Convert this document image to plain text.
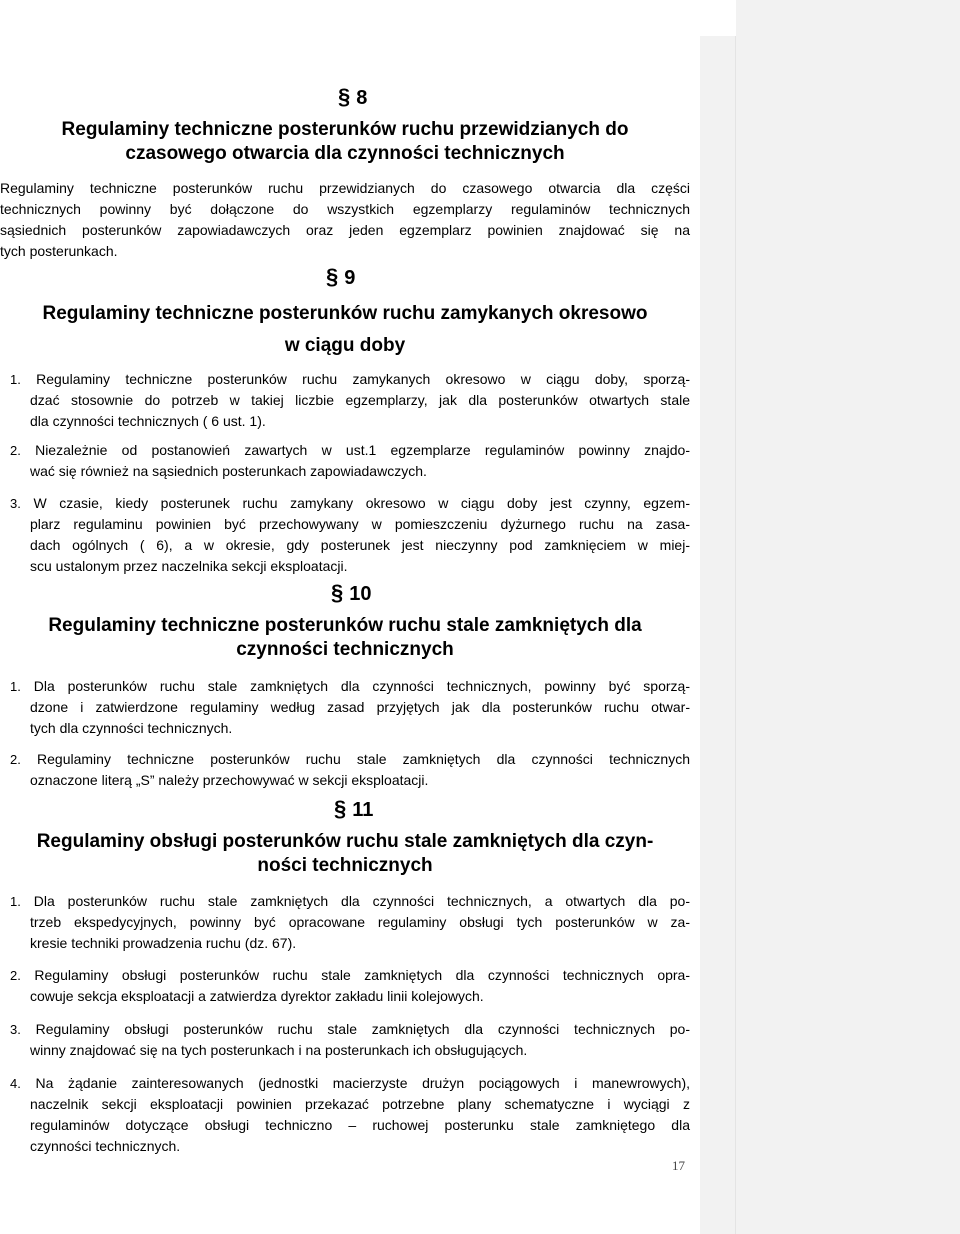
§ 8
Regulaminy techniczne posterunków ruchu przewidzianych do
czasowego otwarcia dla czynności technicznych
Regulaminy techniczne posterunków ruchu przewidzianych do czasowego otwarcia dla części
technicznych powinny być dołączone do wszystkich egzemplarzy regulaminów technicznych
sąsiednich posterunków zapowiadawczych oraz jeden egzemplarz powinien znajdować się na
tych posterunkach.
§ 9
Regulaminy techniczne posterunków ruchu zamykanych okresowo
w ciągu doby
1. Regulaminy techniczne posterunków ruchu zamykanych okresowo w ciągu doby, sporzą-
dzać stosownie do potrzeb w takiej liczbie egzemplarzy, jak dla posterunków otwartych stale
dla czynności technicznych ( 6 ust. 1).
2. Niezależnie od postanowień zawartych w ust.1 egzemplarze regulaminów powinny znajdo-
wać się również na sąsiednich posterunkach zapowiadawczych.
3. W czasie, kiedy posterunek ruchu zamykany okresowo w ciągu doby jest czynny, egzem-
plarz regulaminu powinien być przechowywany w pomieszczeniu dyżurnego ruchu na zasa-
dach ogólnych ( 6), a w okresie, gdy posterunek jest nieczynny pod zamknięciem w miej-
scu ustalonym przez naczelnika sekcji eksploatacji.
§ 10
Regulaminy techniczne posterunków ruchu stale zamkniętych dla
czynności technicznych
1. Dla posterunków ruchu stale zamkniętych dla czynności technicznych, powinny być sporzą-
dzone i zatwierdzone regulaminy według zasad przyjętych jak dla posterunków ruchu otwar-
tych dla czynności technicznych.
2. Regulaminy techniczne posterunków ruchu stale zamkniętych dla czynności technicznych
oznaczone literą „S” należy przechowywać w sekcji eksploatacji.
§ 11
Regulaminy obsługi posterunków ruchu stale zamkniętych dla czyn-
ności technicznych
1. Dla posterunków ruchu stale zamkniętych dla czynności technicznych, a otwartych dla po-
trzeb ekspedycyjnych, powinny być opracowane regulaminy obsługi tych posterunków w za-
kresie techniki prowadzenia ruchu (dz. 67).
2. Regulaminy obsługi posterunków ruchu stale zamkniętych dla czynności technicznych opra-
cowuje sekcja eksploatacji a zatwierdza dyrektor zakładu linii kolejowych.
3. Regulaminy obsługi posterunków ruchu stale zamkniętych dla czynności technicznych po-
winny znajdować się na tych posterunkach i na posterunkach ich obsługujących.
4. Na żądanie zainteresowanych (jednostki macierzyste drużyn pociągowych i manewrowych),
naczelnik sekcji eksploatacji powinien przekazać potrzebne plany schematyczne i wyciągi z
regulaminów dotyczące obsługi techniczno – ruchowej posterunku stale zamkniętego dla
czynności technicznych.
17
